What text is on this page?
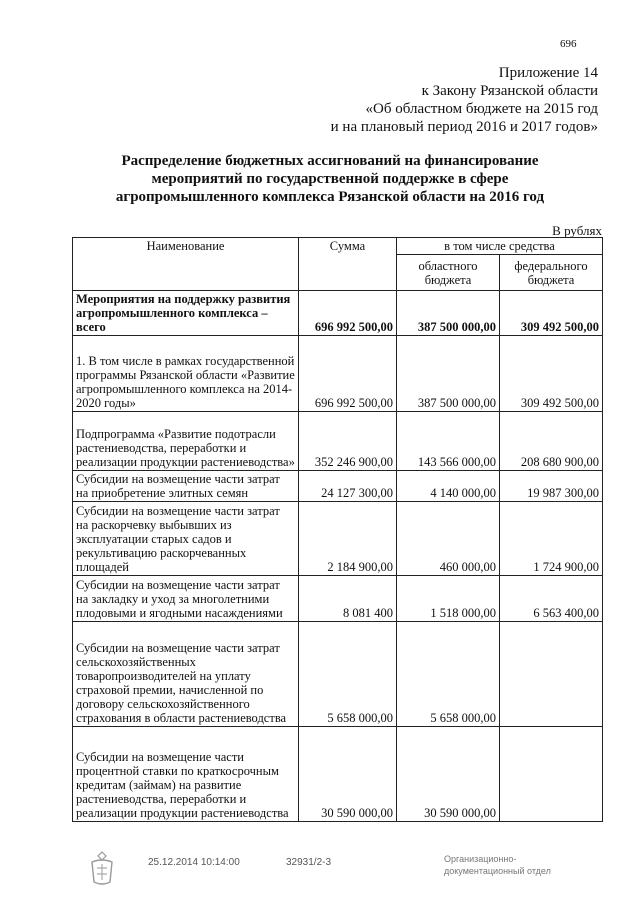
696
Приложение 14
к Закону Рязанской области
«Об областном бюджете на 2015 год
и на плановый период 2016 и 2017 годов»
Распределение бюджетных ассигнований на финансирование
мероприятий по государственной поддержке в сфере
агропромышленного комплекса Рязанской области на 2016 год
В рублях
Наименование	Сумма	в том числе средства	
		областного бюджета	федерального бюджета
Мероприятия на поддержку развития агропромышленного комплекса – всего	696 992 500,00	387 500 000,00	309 492 500,00
1. В том числе в рамках государственной программы Рязанской области «Развитие агропромышленного комплекса на 2014-2020 годы»	696 992 500,00	387 500 000,00	309 492 500,00
Подпрограмма «Развитие подотрасли растениеводства, переработки и реализации продукции растениеводства»	352 246 900,00	143 566 000,00	208 680 900,00
Субсидии на возмещение части затрат на приобретение элитных семян	24 127 300,00	4 140 000,00	19 987 300,00
Субсидии на возмещение части затрат на раскорчевку выбывших из эксплуатации старых садов и рекультивацию раскорчеванных площадей	2 184 900,00	460 000,00	1 724 900,00
Субсидии на возмещение части затрат на закладку и уход за многолетними плодовыми и ягодными насаждениями	8 081 400	1 518 000,00	6 563 400,00
Субсидии на возмещение части затрат сельскохозяйственных товаропроизводителей на уплату страховой премии, начисленной по договору сельскохозяйственного страхования в области растениеводства	5 658 000,00	5 658 000,00	
Субсидии на возмещение части процентной ставки по краткосрочным кредитам (займам) на развитие растениеводства, переработки и реализации продукции растениеводства	30 590 000,00	30 590 000,00	
25.12.2014 10:14:00	32931/2-3	Организационно-документационный отдел
